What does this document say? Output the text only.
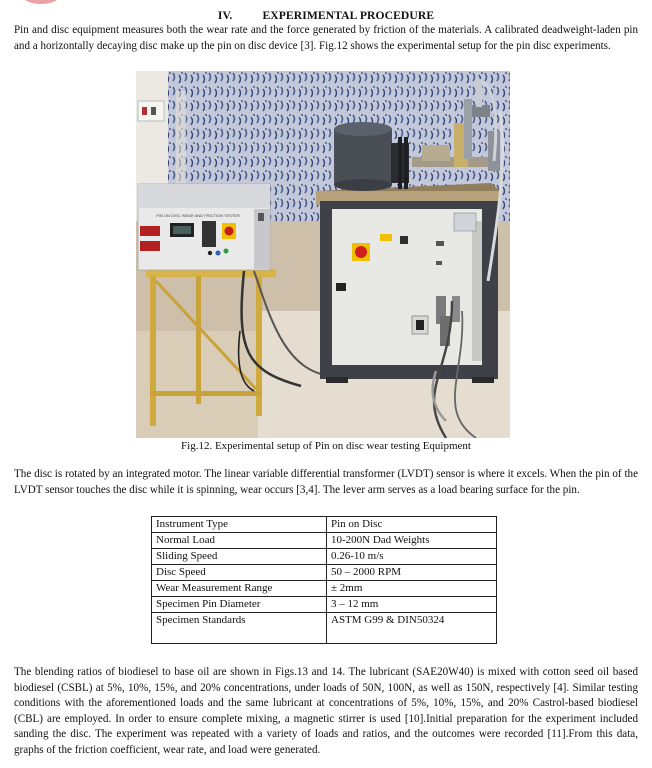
IV.	EXPERIMENTAL PROCEDURE

Pin and disc equipment measures both the wear rate and the force generated by friction of the materials. A calibrated deadweight-laden pin and a horizontally decaying disc make up the pin on disc device [3]. Fig.12 shows the experimental setup for the pin disc experiments.

PIN ON DISC WEAR AND FRICTION TESTER
Fig.12. Experimental setup of Pin on disc wear testing Equipment

The disc is rotated by an integrated motor. The linear variable differential transformer (LVDT) sensor is where it excels. When the pin of the LVDT sensor touches the disc while it is spinning, wear occurs [3,4]. The lever arm serves as a load bearing surface for the pin.

Instrument Type	Pin on Disc
Normal Load	10-200N Dad Weights
Sliding Speed	0.26-10 m/s
Disc Speed	50 – 2000 RPM
Wear Measurement Range	± 2mm
Specimen Pin Diameter	3 – 12 mm
Specimen Standards	ASTM G99 & DIN50324

The blending ratios of biodiesel to base oil are shown in Figs.13 and 14. The lubricant (SAE20W40) is mixed with cotton seed oil based biodiesel (CSBL) at 5%, 10%, 15%, and 20% concentrations, under loads of 50N, 100N, as well as 150N, respectively [4]. Similar testing conditions with the aforementioned loads and the same lubricant at concentrations of 5%, 10%, 15%, and 20% Castrol-based biodiesel (CBL) are employed. In order to ensure complete mixing, a magnetic stirrer is used [10].Initial preparation for the experiment included sanding the disc. The experiment was repeated with a variety of loads and ratios, and the outcomes were recorded [11].From this data, graphs of the friction coefficient, wear rate, and load were generated.
